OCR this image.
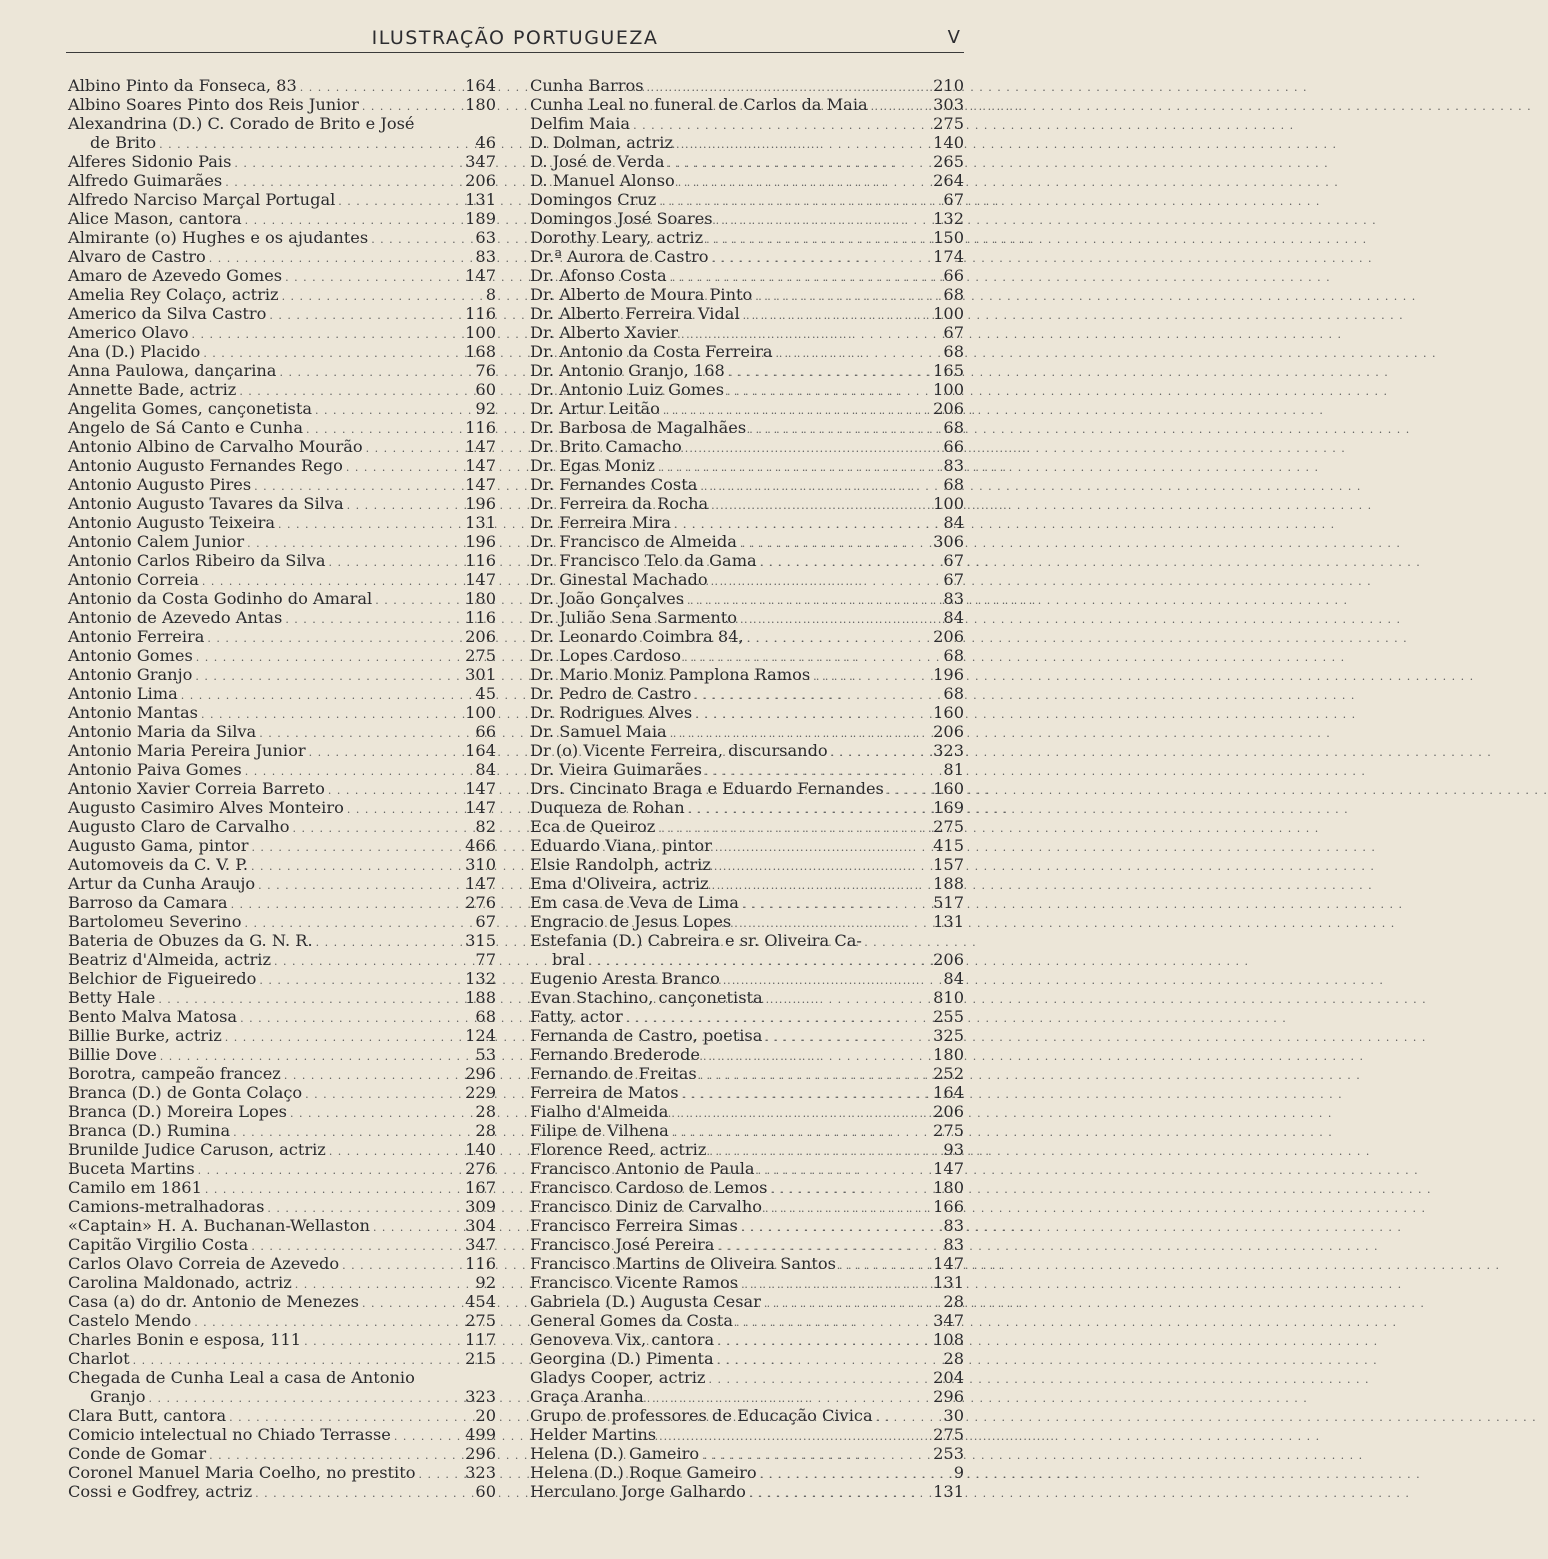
ILUSTRAÇÃO PORTUGUEZA	V
Albino Pinto da Fonseca, 83 . . .	164
Albino Soares Pinto dos Reis Junior . . .	180
Alexandrina (D.) C. Corado de Brito e José
de Brito . . .	46
Alferes Sidonio Pais . . .	347
Alfredo Guimarães . . .	206
Alfredo Narciso Marçal Portugal . . .	131
Alice Mason, cantora . . .	189
Almirante (o) Hughes e os ajudantes . . .	63
Alvaro de Castro . . .	83
Amaro de Azevedo Gomes . . .	147
Amelia Rey Colaço, actriz . . .	8
Americo da Silva Castro . . .	116
Americo Olavo . . .	100
Ana (D.) Placido . . .	168
Anna Paulowa, dançarina . . .	76
Annette Bade, actriz . . .	60
Angelita Gomes, cançonetista . . .	92
Angelo de Sá Canto e Cunha . . .	116
Antonio Albino de Carvalho Mourão . . .	147
Antonio Augusto Fernandes Rego . . .	147
Antonio Augusto Pires . . .	147
Antonio Augusto Tavares da Silva . . .	196
Antonio Augusto Teixeira . . .	131
Antonio Calem Junior . . .	196
Antonio Carlos Ribeiro da Silva . . .	116
Antonio Correia . . .	147
Antonio da Costa Godinho do Amaral . . .	180
Antonio de Azevedo Antas . . .	116
Antonio Ferreira . . .	206
Antonio Gomes . . .	275
Antonio Granjo . . .	301
Antonio Lima . . .	45
Antonio Mantas . . .	100
Antonio Maria da Silva . . .	66
Antonio Maria Pereira Junior . . .	164
Antonio Paiva Gomes . . .	84
Antonio Xavier Correia Barreto . . .	147
Augusto Casimiro Alves Monteiro . . .	147
Augusto Claro de Carvalho . . .	82
Augusto Gama, pintor . . .	466
Automoveis da C. V. P. . . .	310
Artur da Cunha Araujo . . .	147
Barroso da Camara . . .	276
Bartolomeu Severino . . .	67
Bateria de Obuzes da G. N. R. . . .	315
Beatriz d'Almeida, actriz . . .	77
Belchior de Figueiredo . . .	132
Betty Hale . . .	188
Bento Malva Matosa . . .	68
Billie Burke, actriz . . .	124
Billie Dove . . .	53
Borotra, campeão francez . . .	296
Branca (D.) de Gonta Colaço . . .	229
Branca (D.) Moreira Lopes . . .	28
Branca (D.) Rumina . . .	28
Brunilde Judice Caruson, actriz . . .	140
Buceta Martins . . .	276
Camilo em 1861 . . .	167
Camions-metralhadoras . . .	309
«Captain» H. A. Buchanan-Wellaston . . .	304
Capitão Virgilio Costa . . .	347
Carlos Olavo Correia de Azevedo . . .	116
Carolina Maldonado, actriz . . .	92
Casa (a) do dr. Antonio de Menezes . . .	454
Castelo Mendo . . .	275
Charles Bonin e esposa, 111 . . .	117
Charlot . . .	215
Chegada de Cunha Leal a casa de Antonio
Granjo . . .	323
Clara Butt, cantora . . .	20
Comicio intelectual no Chiado Terrasse . . .	499
Conde de Gomar . . .	296
Coronel Manuel Maria Coelho, no prestito . . .	323
Cossi e Godfrey, actriz . . .	60
Cunha Barros . . .	210
Cunha Leal no funeral de Carlos da Maia . . .	303
Delfim Maia . . .	275
D. Dolman, actriz . . .	140
D. José de Verda . . .	265
D. Manuel Alonso . . .	264
Domingos Cruz . . .	67
Domingos José Soares . . .	132
Dorothy Leary, actriz . . .	150
Dr.ª Aurora de Castro . . .	174
Dr. Afonso Costa . . .	66
Dr. Alberto de Moura Pinto . . .	68
Dr. Alberto Ferreira Vidal . . .	100
Dr. Alberto Xavier . . .	67
Dr. Antonio da Costa Ferreira . . .	68
Dr. Antonio Granjo, 168 . . .	165
Dr. Antonio Luiz Gomes . . .	100
Dr. Artur Leitão . . .	206
Dr. Barbosa de Magalhães . . .	68
Dr. Brito Camacho . . .	66
Dr. Egas Moniz . . .	83
Dr. Fernandes Costa . . .	68
Dr. Ferreira da Rocha . . .	100
Dr. Ferreira Mira . . .	84
Dr. Francisco de Almeida . . .	306
Dr. Francisco Telo da Gama . . .	67
Dr. Ginestal Machado . . .	67
Dr. João Gonçalves . . .	83
Dr. Julião Sena Sarmento . . .	84
Dr. Leonardo Coimbra 84, . . .	206
Dr. Lopes Cardoso . . .	68
Dr. Mario Moniz Pamplona Ramos . . .	196
Dr. Pedro de Castro . . .	68
Dr. Rodrigues Alves . . .	160
Dr. Samuel Maia . . .	206
Dr (o) Vicente Ferreira, discursando . . .	323
Dr. Vieira Guimarães . . .	81
Drs. Cincinato Braga e Eduardo Fernandes . . .	160
Duqueza de Rohan . . .	169
Eca de Queiroz . . .	275
Eduardo Viana, pintor . . .	415
Elsie Randolph, actriz . . .	157
Ema d'Oliveira, actriz . . .	188
Em casa de Veva de Lima . . .	517
Engracio de Jesus Lopes . . .	131
Estefania (D.) Cabreira e sr. Oliveira Ca-
bral . . .	206
Eugenio Aresta Branco . . .	84
Evan Stachino, cançonetista . . .	810
Fatty, actor . . .	255
Fernanda de Castro, poetisa . . .	325
Fernando Brederode . . .	180
Fernando de Freitas . . .	252
Ferreira de Matos . . .	164
Fialho d'Almeida . . .	206
Filipe de Vilhena . . .	275
Florence Reed, actriz . . .	93
Francisco Antonio de Paula . . .	147
Francisco Cardoso de Lemos . . .	180
Francisco Diniz de Carvalho . . .	166
Francisco Ferreira Simas . . .	83
Francisco José Pereira . . .	83
Francisco Martins de Oliveira Santos . . .	147
Francisco Vicente Ramos . . .	131
Gabriela (D.) Augusta Cesar . . .	28
General Gomes da Costa . . .	347
Genoveva Vix, cantora . . .	108
Georgina (D.) Pimenta . . .	28
Gladys Cooper, actriz . . .	204
Graça Aranha . . .	296
Grupo de professores de Educação Civica . . .	30
Helder Martins . . .	275
Helena (D.) Gameiro . . .	253
Helena (D.) Roque Gameiro . . .	9
Herculano Jorge Galhardo . . .	131
